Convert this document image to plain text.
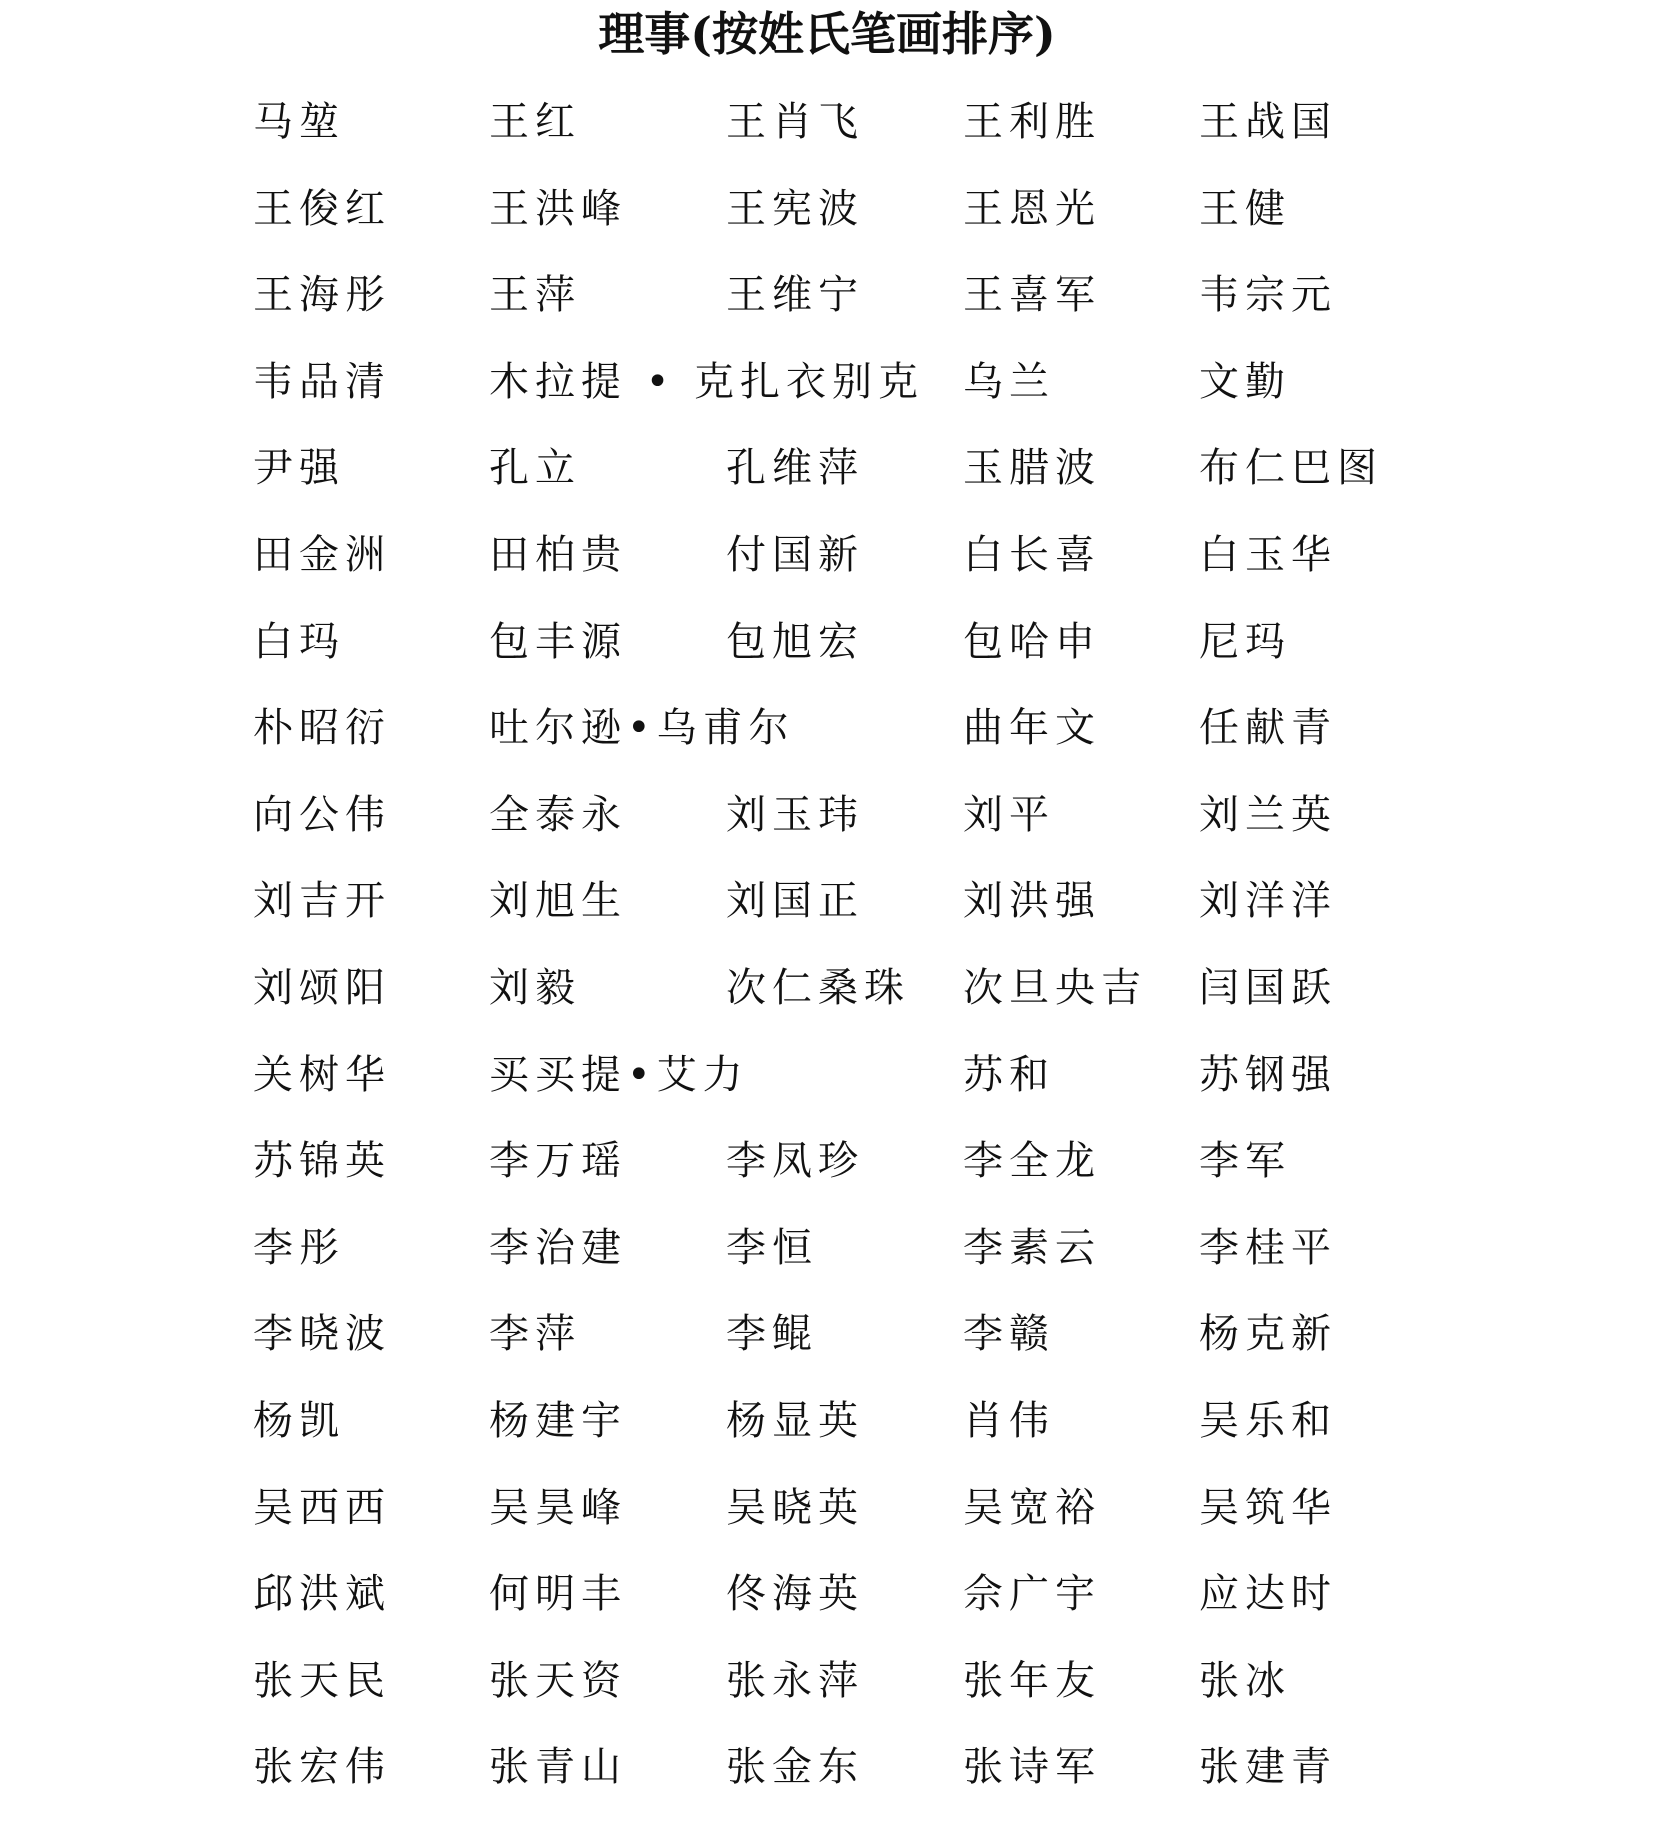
理事(按姓氏笔画排序)
马堃	王红	王肖飞 王利胜 王战国
王俊红 王洪峰 王宪波 王恩光 王健
王海彤 王萍	王维宁 王喜军 韦宗元
韦品清 木拉提 • 克扎衣别克 乌兰	文勤
尹强	孔立	孔维萍 玉腊波 布仁巴图
田金洲 田柏贵 付国新 白长喜 白玉华
白玛	包丰源 包旭宏 包哈申 尼玛
朴昭衍 吐尔逊•乌甫尔	曲年文 任献青
向公伟 全泰永 刘玉玮 刘平	刘兰英
刘吉开 刘旭生 刘国正 刘洪强 刘洋洋
刘颂阳 刘毅	次仁桑珠 次旦央吉 闫国跃
关树华 买买提•艾力	苏和	苏钢强
苏锦英 李万瑶 李凤珍 李全龙 李军
李彤	李治建 李恒	李素云 李桂平
李晓波 李萍	李鲲	李赣	杨克新
杨凯	杨建宇 杨显英 肖伟	吴乐和
吴西西 吴昊峰 吴晓英 吴宽裕 吴筑华
邱洪斌 何明丰 佟海英 佘广宇 应达时
张天民 张天资 张永萍 张年友 张冰
张宏伟 张青山 张金东 张诗军 张建青
